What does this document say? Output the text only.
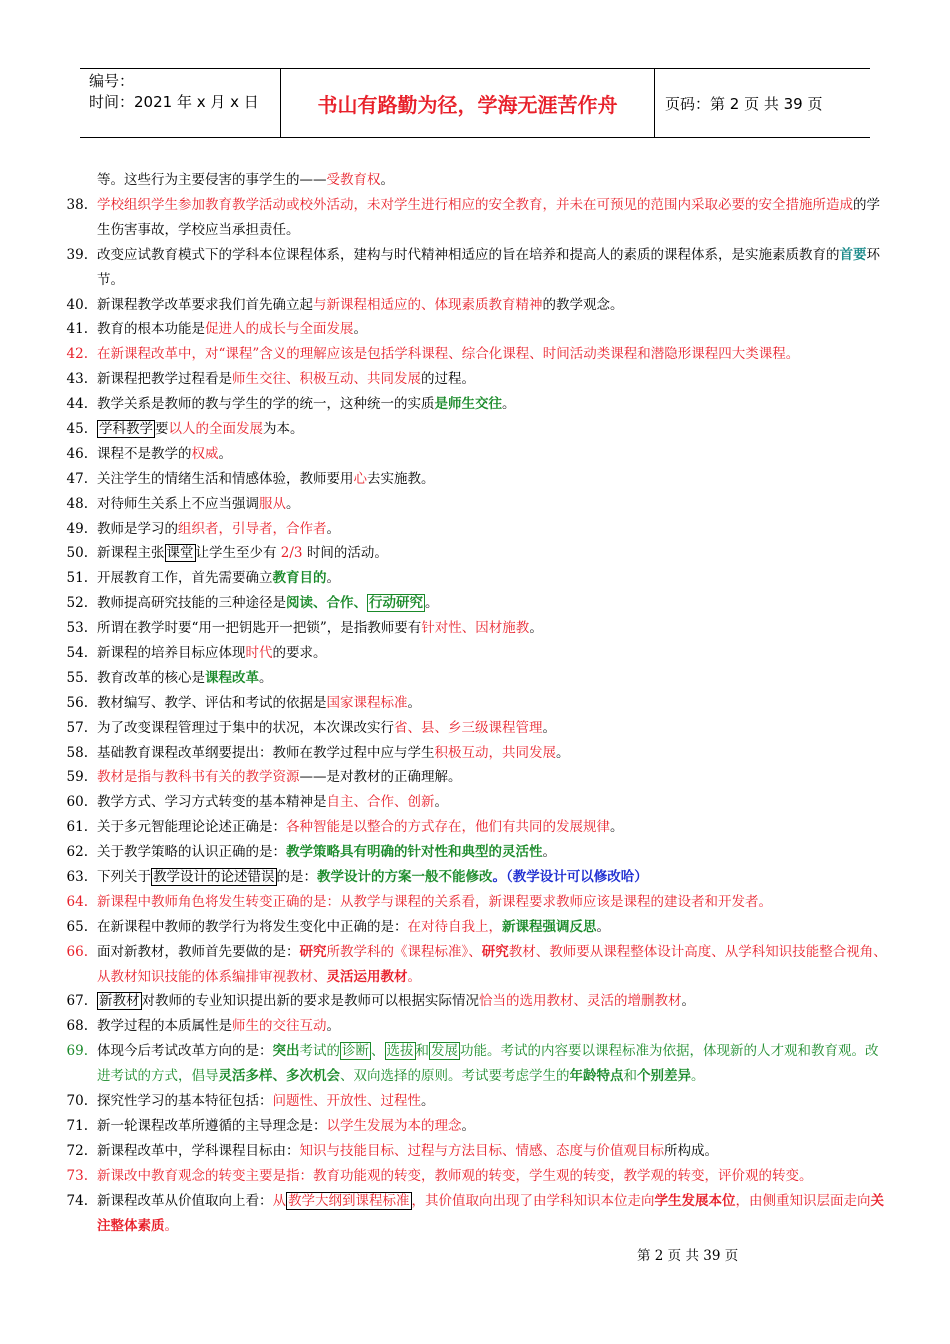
编号：
时间：2021 年 x 月 x 日	书山有路勤为径，学海无涯苦作舟	页码：第 2 页 共 39 页
等。这些行为主要侵害的事学生的——受教育权。
38. 学校组织学生参加教育教学活动或校外活动，未对学生进行相应的安全教育，并未在可预见的范围内采取必要的安全措施所造成的学生伤害事故，学校应当承担责任。
39. 改变应试教育模式下的学科本位课程体系，建构与时代精神相适应的旨在培养和提高人的素质的课程体系，是实施素质教育的首要环节。
40. 新课程教学改革要求我们首先确立起与新课程相适应的、体现素质教育精神的教学观念。
41. 教育的根本功能是促进人的成长与全面发展。
42. 在新课程改革中，对“课程”含义的理解应该是包括学科课程、综合化课程、时间活动类课程和潜隐形课程四大类课程。
43. 新课程把教学过程看是师生交往、积极互动、共同发展的过程。
44. 教学关系是教师的教与学生的学的统一，这种统一的实质是师生交往。
45. 学科教学 要以人的全面发展为本。
46. 课程不是教学的权威。
47. 关注学生的情绪生活和情感体验，教师要用心去实施教。
48. 对待师生关系上不应当强调服从。
49. 教师是学习的组织者，引导者，合作者。
50. 新课程主张 课堂 让学生至少有 2/3 时间的活动。
51. 开展教育工作，首先需要确立教育目的。
52. 教师提高研究技能的三种途径是阅读、合作、 行动研究 。
53. 所谓在教学时要“用一把钥匙开一把锁”，是指教师要有针对性、因材施教。
54. 新课程的培养目标应体现时代的要求。
55. 教育改革的核心是课程改革。
56. 教材编写、教学、评估和考试的依据是国家课程标准。
57. 为了改变课程管理过于集中的状况，本次课改实行省、县、乡三级课程管理。
58. 基础教育课程改革纲要提出：教师在教学过程中应与学生积极互动，共同发展。
59. 教材是指与教科书有关的教学资源——是对教材的正确理解。
60. 教学方式、学习方式转变的基本精神是自主、合作、创新。
61. 关于多元智能理论论述正确是：各种智能是以整合的方式存在，他们有共同的发展规律。
62. 关于教学策略的认识正确的是：教学策略具有明确的针对性和典型的灵活性。
63. 下列关于 教学设计的论述错误 的是：教学设计的方案一般不能修改。（教学设计可以修改哈）
64. 新课程中教师角色将发生转变正确的是：从教学与课程的关系看，新课程要求教师应该是课程的建设者和开发者。
65. 在新课程中教师的教学行为将发生变化中正确的是：在对待自我上，新课程强调反思。
66. 面对新教材，教师首先要做的是：研究所教学科的《课程标准》、研究教材、教师要从课程整体设计高度、从学科知识技能整合视角、从教材知识技能的体系编排审视教材、灵活运用教材。
67. 新教材 对教师的专业知识提出新的要求是教师可以根据实际情况恰当的选用教材、灵活的增删教材。
68. 教学过程的本质属性是师生的交往互动。
69. 体现今后考试改革方向的是：突出考试的 诊断 、 选拔 和 发展 功能。考试的内容要以课程标准为依据，体现新的人才观和教育观。改进考试的方式，倡导灵活多样、多次机会、双向选择的原则。考试要考虑学生的年龄特点和个别差异。
70. 探究性学习的基本特征包括：问题性、开放性、过程性。
71. 新一轮课程改革所遵循的主导理念是：以学生发展为本的理念。
72. 新课程改革中，学科课程目标由：知识与技能目标、过程与方法目标、情感、态度与价值观目标所构成。
73. 新课改中教育观念的转变主要是指：教育功能观的转变，教师观的转变，学生观的转变，教学观的转变，评价观的转变。
74. 新课程改革从价值取向上看：从 教学大纲到课程标准 ，其价值取向出现了由学科知识本位走向学生发展本位，由侧重知识层面走向关注整体素质。
第 2 页 共 39 页
